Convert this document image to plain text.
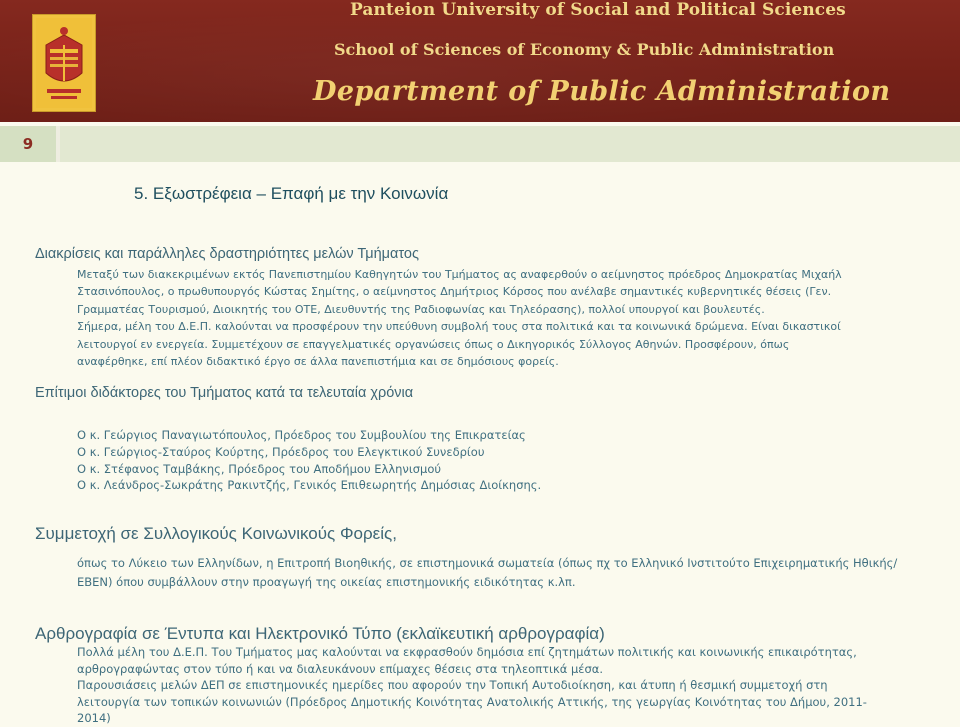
Panteion University of Social and Political Sciences
School of Sciences of Economy & Public Administration
Department of Public Administration
9
5. Εξωστρέφεια – Επαφή με την Κοινωνία
Διακρίσεις και παράλληλες δραστηριότητες μελών Τμήματος
Μεταξύ των διακεκριμένων εκτός Πανεπιστημίου Καθηγητών του Τμήματος ας αναφερθούν ο αείμνηστος πρόεδρος Δημοκρατίας Μιχαήλ
Στασινόπουλος, ο πρωθυπουργός Κώστας Σημίτης, ο αείμνηστος Δημήτριος Κόρσος που ανέλαβε σημαντικές κυβερνητικές θέσεις (Γεν.
Γραμματέας Τουρισμού, Διοικητής του ΟΤΕ, Διευθυντής της Ραδιοφωνίας και Τηλεόρασης), πολλοί υπουργοί και βουλευτές.
Σήμερα, μέλη του Δ.Ε.Π. καλούνται να προσφέρουν την υπεύθυνη συμβολή τους στα πολιτικά και τα κοινωνικά δρώμενα. Είναι δικαστικοί
λειτουργοί εν ενεργεία. Συμμετέχουν σε επαγγελματικές οργανώσεις όπως ο Δικηγορικός Σύλλογος Αθηνών. Προσφέρουν, όπως
αναφέρθηκε, επί πλέον διδακτικό έργο σε άλλα πανεπιστήμια και σε δημόσιους φορείς.
Επίτιμοι διδάκτορες του Τμήματος κατά τα τελευταία χρόνια
Ο κ. Γεώργιος Παναγιωτόπουλος, Πρόεδρος του Συμβουλίου της Επικρατείας
Ο κ. Γεώργιος-Σταύρος Κούρτης, Πρόεδρος του Ελεγκτικού Συνεδρίου
Ο κ. Στέφανος Ταμβάκης, Πρόεδρος του Αποδήμου Ελληνισμού
Ο κ. Λεάνδρος-Σωκράτης Ρακιντζής, Γενικός Επιθεωρητής Δημόσιας Διοίκησης.
Συμμετοχή σε Συλλογικούς Κοινωνικούς Φορείς,
όπως το Λύκειο των Ελληνίδων, η Επιτροπή Βιοηθικής, σε επιστημονικά σωματεία (όπως πχ το Ελληνικό Ινστιτούτο Επιχειρηματικής Ηθικής/
EBEN) όπου συμβάλλουν στην προαγωγή της οικείας επιστημονικής ειδικότητας κ.λπ.
Αρθρογραφία σε Έντυπα και Ηλεκτρονικό Τύπο (εκλαϊκευτική αρθρογραφία)
Πολλά μέλη του Δ.Ε.Π. Του Τμήματος μας καλούνται να εκφρασθούν δημόσια επί ζητημάτων πολιτικής και κοινωνικής επικαιρότητας,
αρθρογραφώντας στον τύπο ή και να διαλευκάνουν επίμαχες θέσεις στα τηλεοπτικά μέσα.
Παρουσιάσεις μελών ΔΕΠ σε επιστημονικές ημερίδες που αφορούν την Τοπική Αυτοδιοίκηση, και άτυπη ή θεσμική συμμετοχή στη
λειτουργία των τοπικών κοινωνιών (Πρόεδρος Δημοτικής Κοινότητας Ανατολικής Αττικής, της γεωργίας Κοινότητας του Δήμου, 2011-
2014)
